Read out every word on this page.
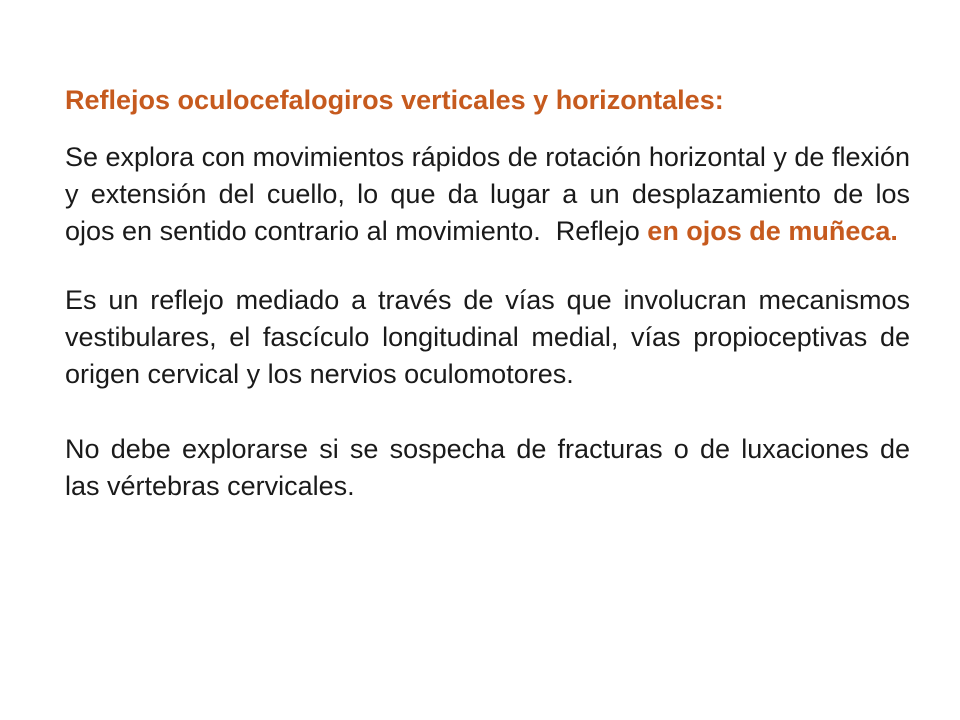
Reflejos oculocefalogiros verticales y horizontales:

Se explora con movimientos rápidos de rotación horizontal y de flexión y extensión del cuello, lo que da lugar a un desplazamiento de los ojos en sentido contrario al movimiento.  Reflejo en ojos de muñeca.

Es un reflejo mediado a través de vías que involucran mecanismos vestibulares, el fascículo longitudinal medial, vías propioceptivas de origen cervical y los nervios oculomotores.

No debe explorarse si se sospecha de fracturas o de luxaciones de las vértebras cervicales.
